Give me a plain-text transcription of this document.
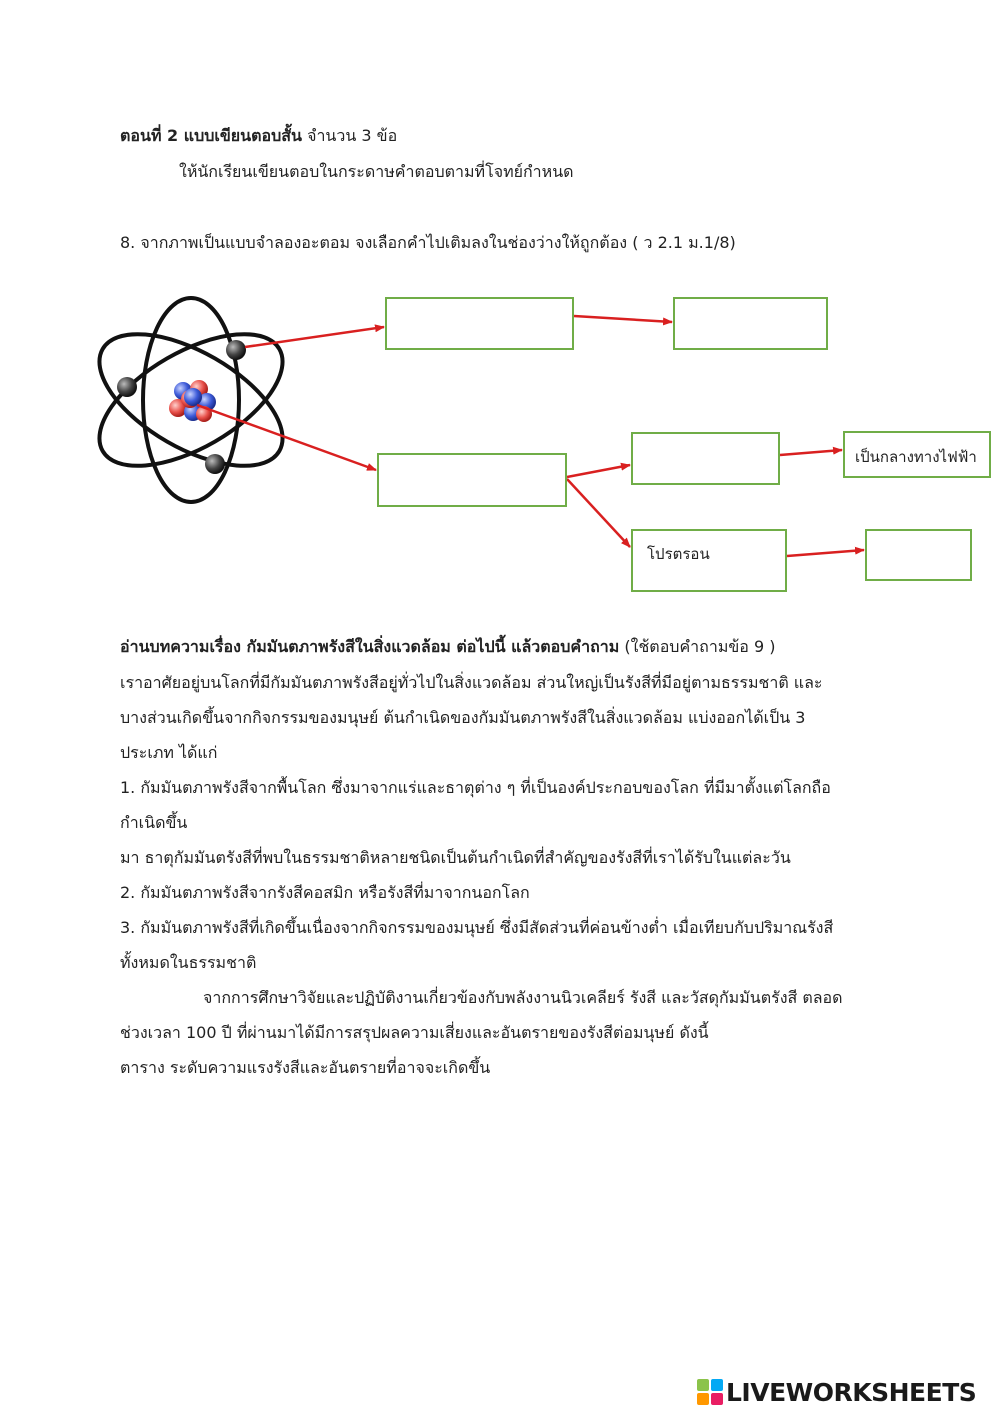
ตอนที่ 2 แบบเขียนตอบสั้น จำนวน 3 ข้อ
ให้นักเรียนเขียนตอบในกระดาษคำตอบตามที่โจทย์กำหนด
8. จากภาพเป็นแบบจำลองอะตอม จงเลือกคำไปเติมลงในช่องว่างให้ถูกต้อง ( ว 2.1 ม.1/8)
เป็นกลางทางไฟฟ้า
โปรตรอน
อ่านบทความเรื่อง กัมมันตภาพรังสีในสิ่งแวดล้อม ต่อไปนี้ แล้วตอบคำถาม (ใช้ตอบคำถามข้อ 9 )
เราอาศัยอยู่บนโลกที่มีกัมมันตภาพรังสีอยู่ทั่วไปในสิ่งแวดล้อม ส่วนใหญ่เป็นรังสีที่มีอยู่ตามธรรมชาติ และ
บางส่วนเกิดขึ้นจากกิจกรรมของมนุษย์ ต้นกำเนิดของกัมมันตภาพรังสีในสิ่งแวดล้อม แบ่งออกได้เป็น 3
ประเภท ได้แก่
1. กัมมันตภาพรังสีจากพื้นโลก ซึ่งมาจากแร่และธาตุต่าง ๆ ที่เป็นองค์ประกอบของโลก ที่มีมาตั้งแต่โลกถือ
กำเนิดขึ้น
มา ธาตุกัมมันตรังสีที่พบในธรรมชาติหลายชนิดเป็นต้นกำเนิดที่สำคัญของรังสีที่เราได้รับในแต่ละวัน
2. กัมมันตภาพรังสีจากรังสีคอสมิก หรือรังสีที่มาจากนอกโลก
3. กัมมันตภาพรังสีที่เกิดขึ้นเนื่องจากกิจกรรมของมนุษย์ ซึ่งมีสัดส่วนที่ค่อนข้างต่ำ เมื่อเทียบกับปริมาณรังสี
ทั้งหมดในธรรมชาติ
จากการศึกษาวิจัยและปฏิบัติงานเกี่ยวข้องกับพลังงานนิวเคลียร์ รังสี และวัสดุกัมมันตรังสี ตลอด
ช่วงเวลา 100 ปี ที่ผ่านมาได้มีการสรุปผลความเสี่ยงและอันตรายของรังสีต่อมนุษย์ ดังนี้
ตาราง ระดับความแรงรังสีและอันตรายที่อาจจะเกิดขึ้น
LIVEWORKSHEETS
